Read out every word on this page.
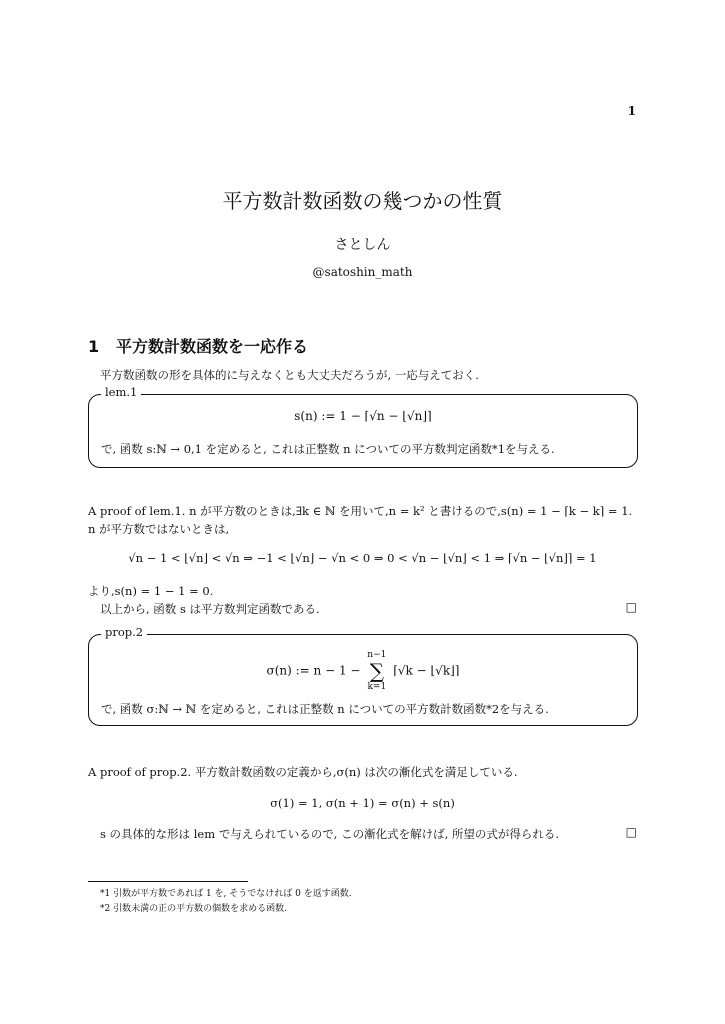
1
平方数計数函数の幾つかの性質
さとしん
@satoshin_math
1 平方数計数函数を一応作る
平方数函数の形を具体的に与えなくとも大丈夫だろうが, 一応与えておく.
lem.1
s(n) := 1 − ⌈√n − ⌊√n⌋⌉
で, 函数 s:ℕ → 0,1 を定めると, これは正整数 n についての平方数判定函数*1を与える.
A proof of lem.1. n が平方数のときは,∃k ∈ ℕ を用いて,n = k² と書けるので,s(n) = 1 − ⌈k − k⌉ = 1.
n が平方数ではないときは,
√n − 1 < ⌊√n⌋ < √n ⇒ −1 < ⌊√n⌋ − √n < 0 ⇒ 0 < √n − ⌊√n⌋ < 1 ⇒ ⌈√n − ⌊√n⌋⌉ = 1
より,s(n) = 1 − 1 = 0.
以上から, 函数 s は平方数判定函数である.	□
prop.2
σ(n) := n − 1 −
n−1
∑
k=1
⌈√k − ⌊√k⌋⌉
で, 函数 σ:ℕ → ℕ を定めると, これは正整数 n についての平方数計数函数*2を与える.
A proof of prop.2. 平方数計数函数の定義から,σ(n) は次の漸化式を満足している.
σ(1) = 1, σ(n + 1) = σ(n) + s(n)
s の具体的な形は lem で与えられているので, この漸化式を解けば, 所望の式が得られる.	□
*1 引数が平方数であれば 1 を, そうでなければ 0 を返す函数.
*2 引数未満の正の平方数の個数を求める函数.
